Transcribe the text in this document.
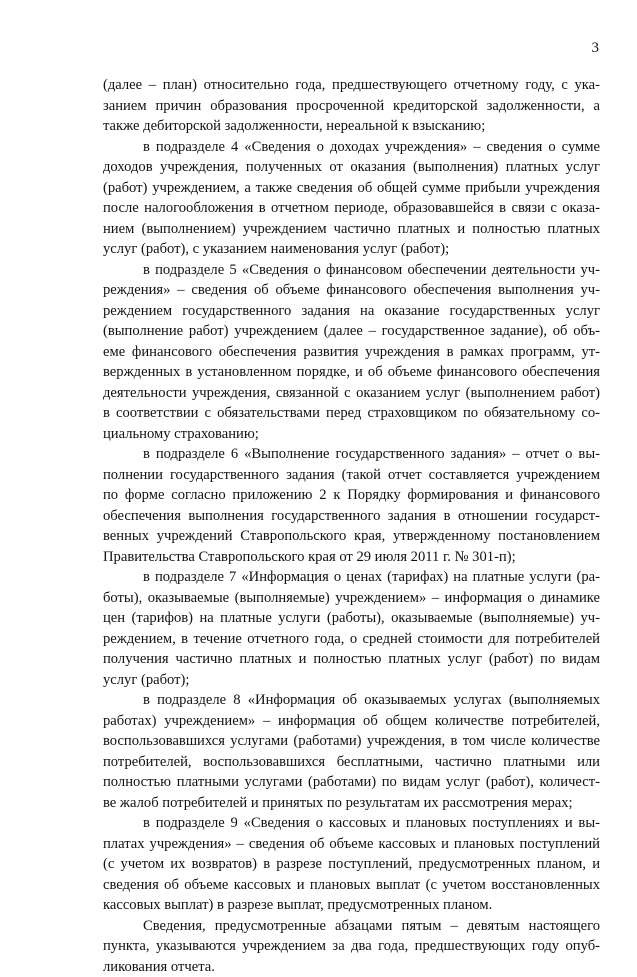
3
(далее – план) относительно года, предшествующего отчетному году, с ука-
занием причин образования просроченной кредиторской задолженности, а
также дебиторской задолженности, нереальной к взысканию;
в подразделе 4 «Сведения о доходах учреждения» – сведения о сумме
доходов учреждения, полученных от оказания (выполнения) платных услуг
(работ) учреждением, а также сведения об общей сумме прибыли учреждения
после налогообложения в отчетном периоде, образовавшейся в связи с оказа-
нием (выполнением) учреждением частично платных и полностью платных
услуг (работ), с указанием наименования услуг (работ);
в подразделе 5 «Сведения о финансовом обеспечении деятельности уч-
реждения» – сведения об объеме финансового обеспечения выполнения уч-
реждением государственного задания на оказание государственных услуг
(выполнение работ) учреждением (далее – государственное задание), об объ-
еме финансового обеспечения развития учреждения в рамках программ, ут-
вержденных в установленном порядке, и об объеме финансового обеспечения
деятельности учреждения, связанной с оказанием услуг (выполнением работ)
в соответствии с обязательствами перед страховщиком по обязательному со-
циальному страхованию;
в подразделе 6 «Выполнение государственного задания» – отчет о вы-
полнении государственного задания (такой отчет составляется учреждением
по форме согласно приложению 2 к Порядку формирования и финансового
обеспечения выполнения государственного задания в отношении государст-
венных учреждений Ставропольского края, утвержденному постановлением
Правительства Ставропольского края от 29 июля 2011 г. № 301-п);
в подразделе 7 «Информация о ценах (тарифах) на платные услуги (ра-
боты), оказываемые (выполняемые) учреждением» – информация о динамике
цен (тарифов) на платные услуги (работы), оказываемые (выполняемые) уч-
реждением, в течение отчетного года, о средней стоимости для потребителей
получения частично платных и полностью платных услуг (работ) по видам
услуг (работ);
в подразделе 8 «Информация об оказываемых услугах (выполняемых
работах) учреждением» – информация об общем количестве потребителей,
воспользовавшихся услугами (работами) учреждения, в том числе количестве
потребителей, воспользовавшихся бесплатными, частично платными или
полностью платными услугами (работами) по видам услуг (работ), количест-
ве жалоб потребителей и принятых по результатам их рассмотрения мерах;
в подразделе 9 «Сведения о кассовых и плановых поступлениях и вы-
платах учреждения» – сведения об объеме кассовых и плановых поступлений
(с учетом их возвратов) в разрезе поступлений, предусмотренных планом, и
сведения об объеме кассовых и плановых выплат (с учетом восстановленных
кассовых выплат) в разрезе выплат, предусмотренных планом.
Сведения, предусмотренные абзацами пятым – девятым настоящего
пункта, указываются учреждением за два года, предшествующих году опуб-
ликования отчета.
